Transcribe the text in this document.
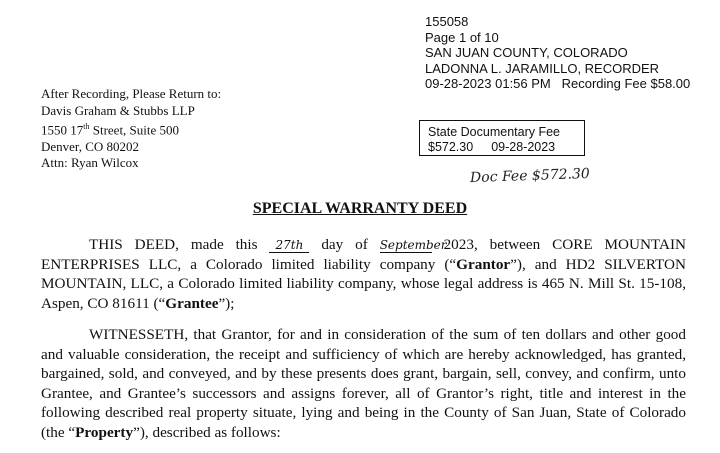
155058
Page 1 of 10
SAN JUAN COUNTY, COLORADO
LADONNA L. JARAMILLO, RECORDER
09-28-2023 01:56 PM Recording Fee $58.00
After Recording, Please Return to:
Davis Graham & Stubbs LLP
1550 17th Street, Suite 500
Denver, CO 80202
Attn: Ryan Wilcox
State Documentary Fee
$572.30 09-28-2023
Doc Fee $572.30
SPECIAL WARRANTY DEED
THIS DEED, made this 27th day of September 2023, between CORE MOUNTAIN ENTERPRISES LLC, a Colorado limited liability company (“Grantor”), and HD2 SILVERTON MOUNTAIN, LLC, a Colorado limited liability company, whose legal address is 465 N. Mill St. 15-108, Aspen, CO 81611 (“Grantee”);
WITNESSETH, that Grantor, for and in consideration of the sum of ten dollars and other good and valuable consideration, the receipt and sufficiency of which are hereby acknowledged, has granted, bargained, sold, and conveyed, and by these presents does grant, bargain, sell, convey, and confirm, unto Grantee, and Grantee’s successors and assigns forever, all of Grantor’s right, title and interest in the following described real property situate, lying and being in the County of San Juan, State of Colorado (the “Property”), described as follows:
